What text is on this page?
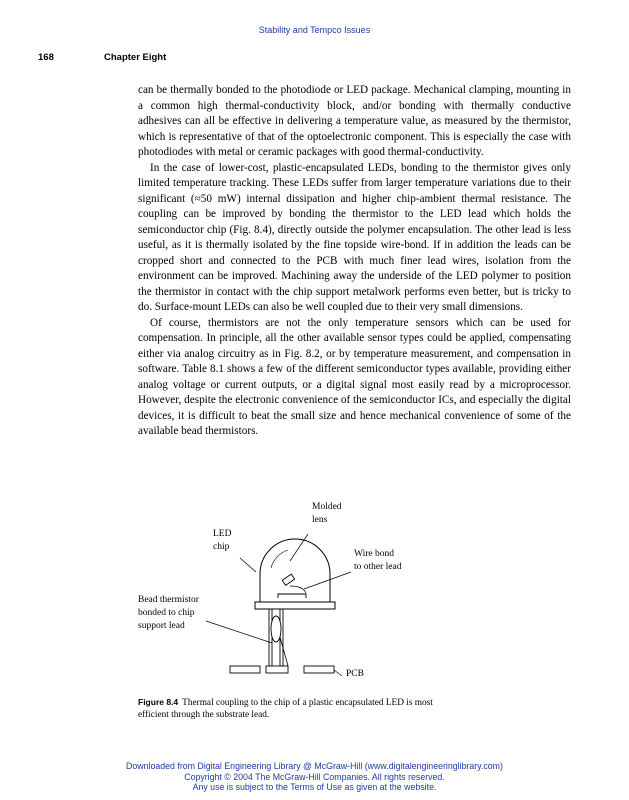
Stability and Tempco Issues
168	Chapter Eight

can be thermally bonded to the photodiode or LED package. Mechanical clamping, mounting in a common high thermal-conductivity block, and/or bonding with thermally conductive adhesives can all be effective in delivering a temperature value, as measured by the thermistor, which is representative of that of the optoelectronic component. This is especially the case with photodiodes with metal or ceramic packages with good thermal-conductivity.

In the case of lower-cost, plastic-encapsulated LEDs, bonding to the thermistor gives only limited temperature tracking. These LEDs suffer from larger temperature variations due to their significant (≈50 mW) internal dissipation and higher chip-ambient thermal resistance. The coupling can be improved by bonding the thermistor to the LED lead which holds the semiconductor chip (Fig. 8.4), directly outside the polymer encapsulation. The other lead is less useful, as it is thermally isolated by the fine topside wire-bond. If in addition the leads can be cropped short and connected to the PCB with much finer lead wires, isolation from the environment can be improved. Machining away the underside of the LED polymer to position the thermistor in contact with the chip support metalwork performs even better, but is tricky to do. Surface-mount LEDs can also be well coupled due to their very small dimensions.

Of course, thermistors are not the only temperature sensors which can be used for compensation. In principle, all the other available sensor types could be applied, compensating either via analog circuitry as in Fig. 8.2, or by temperature measurement, and compensation in software. Table 8.1 shows a few of the different semiconductor types available, providing either analog voltage or current outputs, or a digital signal most easily read by a microprocessor. However, despite the electronic convenience of the semiconductor ICs, and especially the digital devices, it is difficult to beat the small size and hence mechanical convenience of some of the available bead thermistors.

Molded
lens
LED
chip
Wire bond
to other lead
Bead thermistor
bonded to chip
support lead
PCB
Figure 8.4 Thermal coupling to the chip of a plastic encapsulated LED is most efficient through the substrate lead.
Downloaded from Digital Engineering Library @ McGraw-Hill (www.digitalengineeringlibrary.com)
Copyright © 2004 The McGraw-Hill Companies. All rights reserved.
Any use is subject to the Terms of Use as given at the website.
